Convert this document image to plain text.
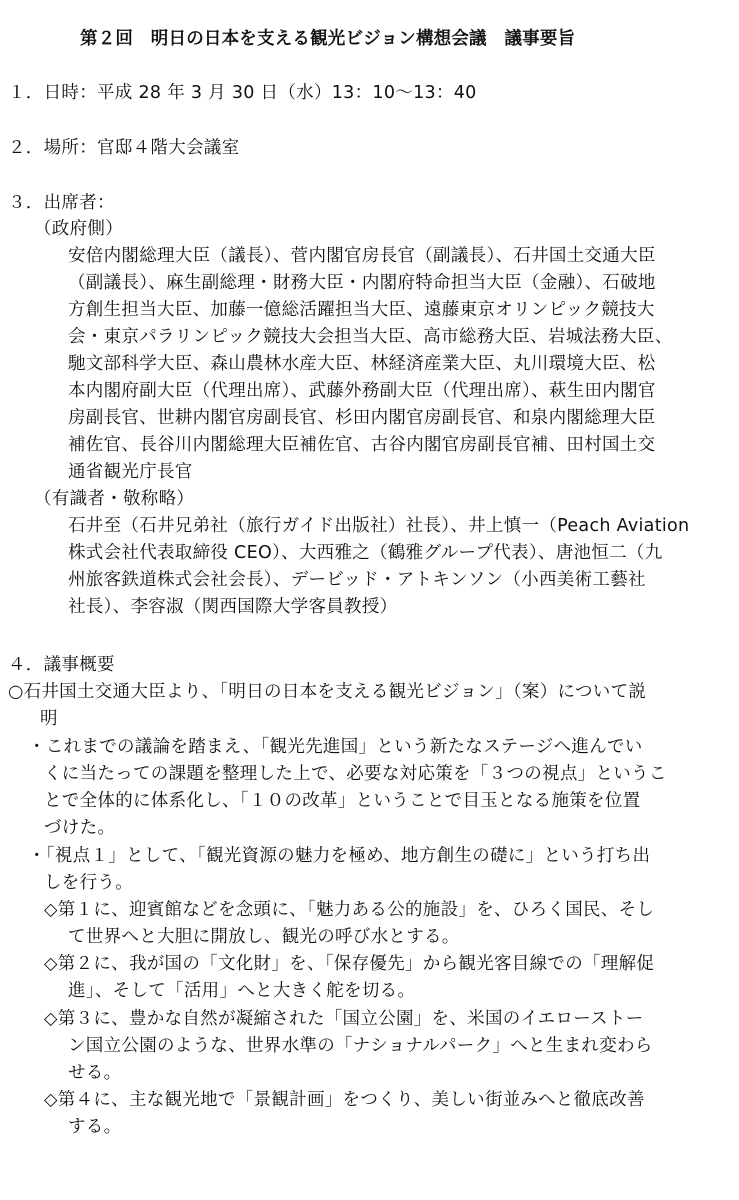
第２回　明日の日本を支える観光ビジョン構想会議　議事要旨
１．日時：平成 28 年 3 月 30 日（水）13：10～13：40
２．場所：官邸４階大会議室
３．出席者：
（政府側）
安倍内閣総理大臣（議長）、菅内閣官房長官（副議長）、石井国土交通大臣
（副議長）、麻生副総理・財務大臣・内閣府特命担当大臣（金融）、石破地
方創生担当大臣、加藤一億総活躍担当大臣、遠藤東京オリンピック競技大
会・東京パラリンピック競技大会担当大臣、高市総務大臣、岩城法務大臣、
馳文部科学大臣、森山農林水産大臣、林経済産業大臣、丸川環境大臣、松
本内閣府副大臣（代理出席）、武藤外務副大臣（代理出席）、萩生田内閣官
房副長官、世耕内閣官房副長官、杉田内閣官房副長官、和泉内閣総理大臣
補佐官、長谷川内閣総理大臣補佐官、古谷内閣官房副長官補、田村国土交
通省観光庁長官
（有識者・敬称略）
石井至（石井兄弟社（旅行ガイド出版社）社長）、井上慎一（Peach Aviation
株式会社代表取締役 CEO）、大西雅之（鶴雅グループ代表）、唐池恒二（九
州旅客鉄道株式会社会長）、デービッド・アトキンソン（小西美術工藝社
社長）、李容淑（関西国際大学客員教授）
４．議事概要
○石井国土交通大臣より、「明日の日本を支える観光ビジョン」（案）について説
明
・これまでの議論を踏まえ、「観光先進国」という新たなステージへ進んでい
くに当たっての課題を整理した上で、必要な対応策を「３つの視点」というこ
とで全体的に体系化し、「１０の改革」ということで目玉となる施策を位置
づけた。
・「視点１」として、「観光資源の魅力を極め、地方創生の礎に」という打ち出
しを行う。
◇第１に、迎賓館などを念頭に、「魅力ある公的施設」を、ひろく国民、そし
て世界へと大胆に開放し、観光の呼び水とする。
◇第２に、我が国の「文化財」を、「保存優先」から観光客目線での「理解促
進」、そして「活用」へと大きく舵を切る。
◇第３に、豊かな自然が凝縮された「国立公園」を、米国のイエローストー
ン国立公園のような、世界水準の「ナショナルパーク」へと生まれ変わら
せる。
◇第４に、主な観光地で「景観計画」をつくり、美しい街並みへと徹底改善
する。
